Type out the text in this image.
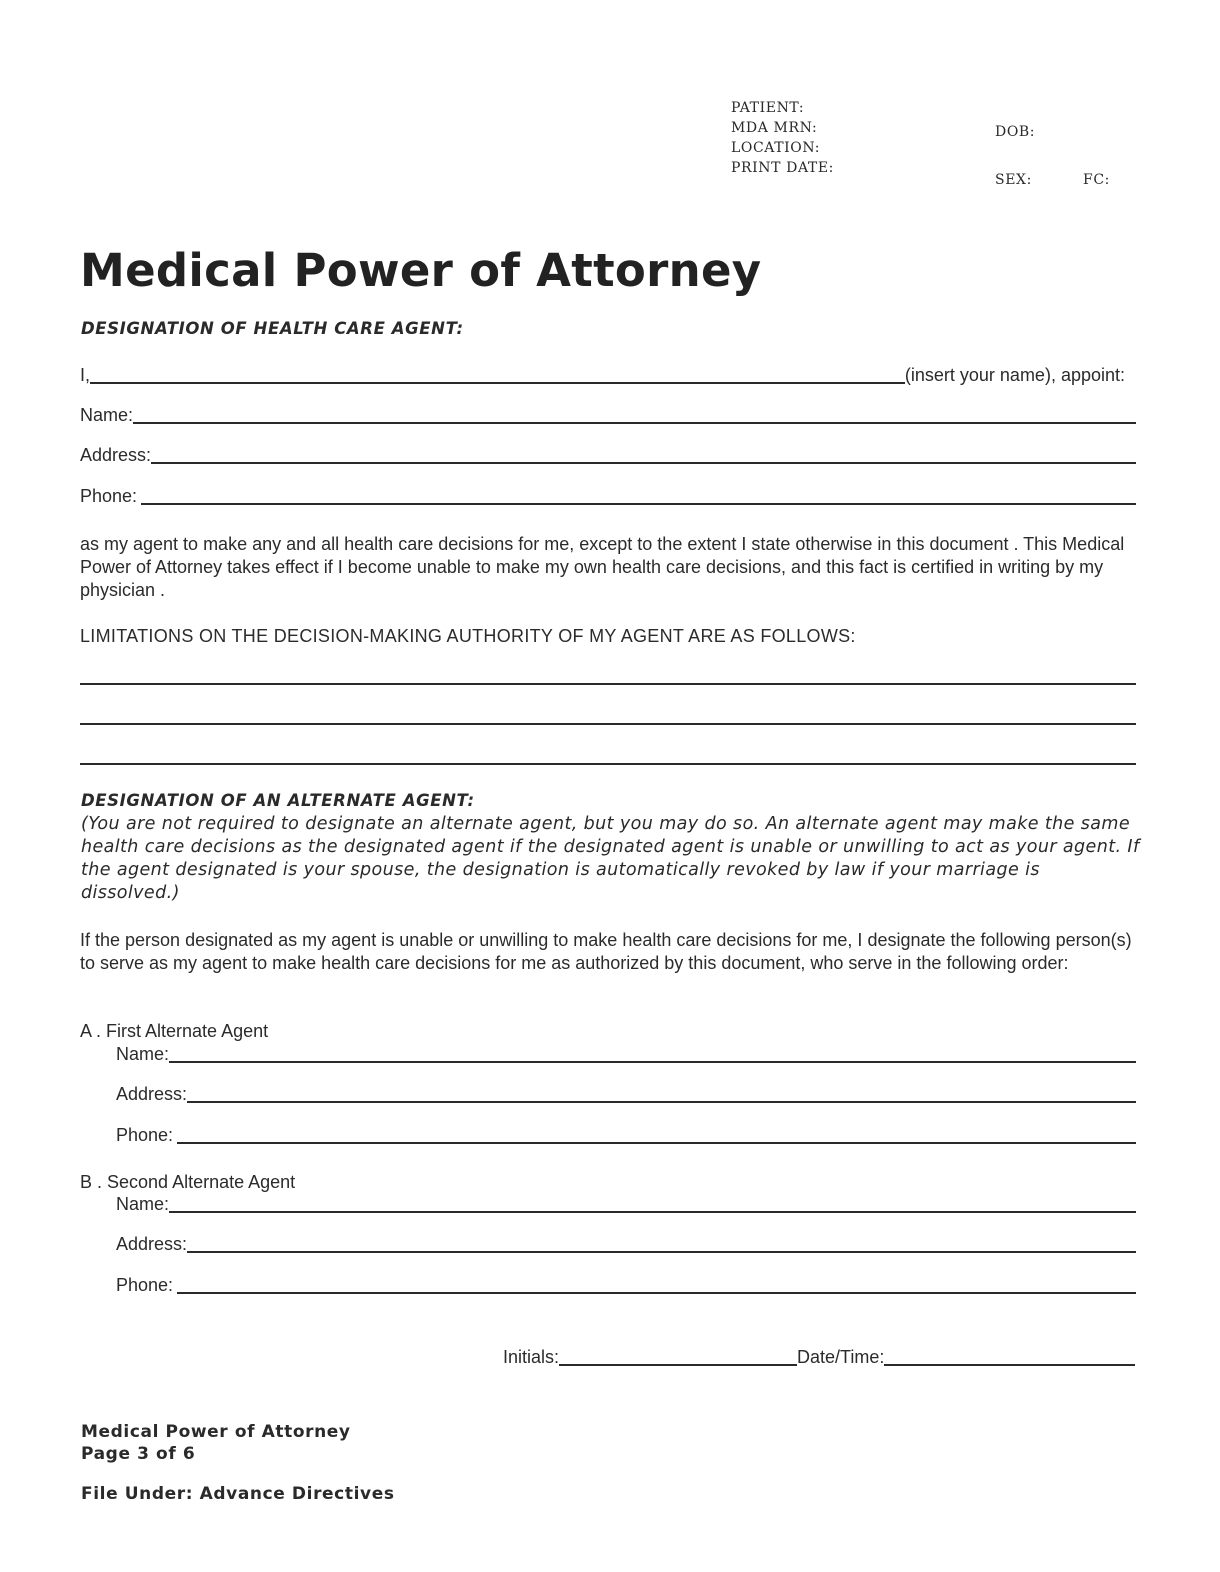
PATIENT:
MDA MRN:
LOCATION:
PRINT DATE:
DOB:
SEX:	FC:
Medical Power of Attorney
DESIGNATION OF HEALTH CARE AGENT:
I,	(insert your name), appoint:
Name:
Address:
Phone:
as my agent to make any and all health care decisions for me, except to the extent I state otherwise in this document . This Medical Power of Attorney takes effect if I become unable to make my own health care decisions, and this fact is certified in writing by my physician .
LIMITATIONS ON THE DECISION-MAKING AUTHORITY OF MY AGENT ARE AS FOLLOWS:
DESIGNATION OF AN ALTERNATE AGENT:
(You are not required to designate an alternate agent, but you may do so. An alternate agent may make the same health care decisions as the designated agent if the designated agent is unable or unwilling to act as your agent. If the agent designated is your spouse, the designation is automatically revoked by law if your marriage is dissolved.)
If the person designated as my agent is unable or unwilling to make health care decisions for me, I designate the following person(s) to serve as my agent to make health care decisions for me as authorized by this document, who serve in the following order:
A . First Alternate Agent
Name:
Address:
Phone:
B . Second Alternate Agent
Name:
Address:
Phone:
Initials:	Date/Time:
Medical Power of Attorney
Page 3 of 6
File Under: Advance Directives
